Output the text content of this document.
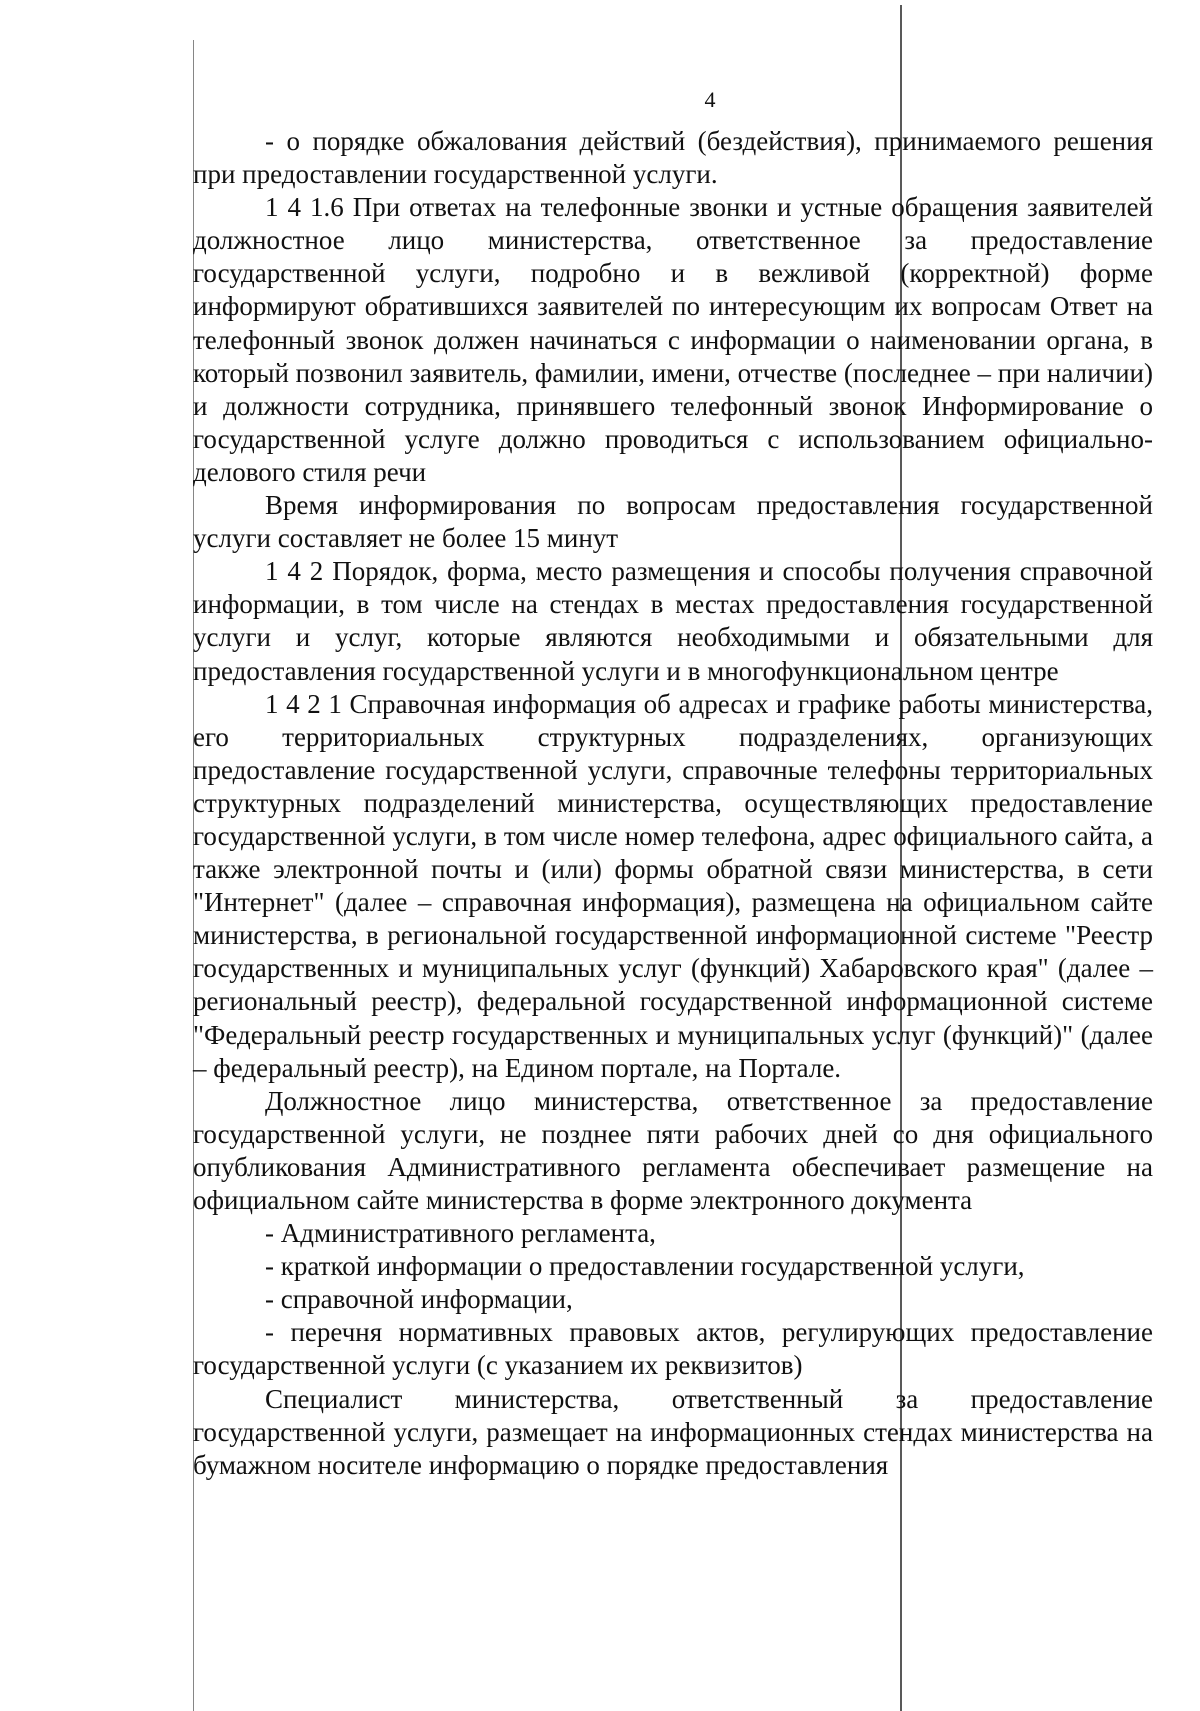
4

- о порядке обжалования действий (бездействия), принимаемого решения при предоставлении государственной услуги.

1 4 1.6 При ответах на телефонные звонки и устные обращения заявителей должностное лицо министерства, ответственное за предоставление государственной услуги, подробно и в вежливой (корректной) форме информируют обратившихся заявителей по интересующим их вопросам Ответ на телефонный звонок должен начинаться с информации о наименовании органа, в который позвонил заявитель, фамилии, имени, отчестве (последнее – при наличии) и должности сотрудника, принявшего телефонный звонок Информирование о государственной услуге должно проводиться с использованием официально-делового стиля речи

Время информирования по вопросам предоставления государственной услуги составляет не более 15 минут

1 4 2 Порядок, форма, место размещения и способы получения справочной информации, в том числе на стендах в местах предоставления государственной услуги и услуг, которые являются необходимыми и обязательными для предоставления государственной услуги и в многофункциональном центре

1 4 2 1 Справочная информация об адресах и графике работы министерства, его территориальных структурных подразделениях, организующих предоставление государственной услуги, справочные телефоны территориальных структурных подразделений министерства, осуществляющих предоставление государственной услуги, в том числе номер телефона, адрес официального сайта, а также электронной почты и (или) формы обратной связи министерства, в сети "Интернет" (далее – справочная информация), размещена на официальном сайте министерства, в региональной государственной информационной системе "Реестр государственных и муниципальных услуг (функций) Хабаровского края" (далее – региональный реестр), федеральной государственной информационной системе "Федеральный реестр государственных и муниципальных услуг (функций)" (далее – федеральный реестр), на Едином портале, на Портале.

Должностное лицо министерства, ответственное за предоставление государственной услуги, не позднее пяти рабочих дней со дня официального опубликования Административного регламента обеспечивает размещение на официальном сайте министерства в форме электронного документа

- Административного регламента,

- краткой информации о предоставлении государственной услуги,

- справочной информации,

- перечня нормативных правовых актов, регулирующих предоставление государственной услуги (с указанием их реквизитов)

Специалист министерства, ответственный за предоставление государственной услуги, размещает на информационных стендах министерства на бумажном носителе информацию о порядке предоставления
